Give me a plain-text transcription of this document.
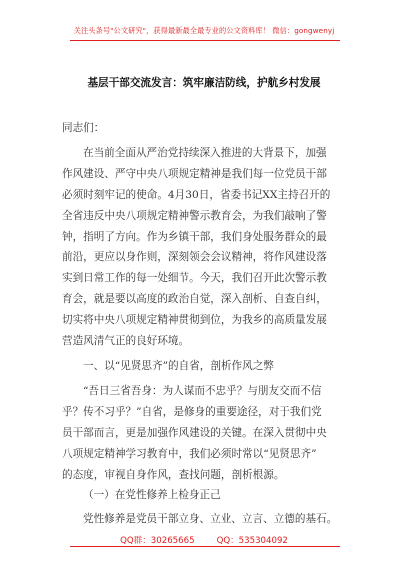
关注头条号"公文研究"，获得最新最全最专业的公文资料库！ 微信：gongwenyj
基层干部交流发言：筑牢廉洁防线，护航乡村发展
同志们：
在当前全面从严治党持续深入推进的大背景下，加强
作风建设、严守中央八项规定精神是我们每一位党员干部
必须时刻牢记的使命。4月30日，省委书记XX主持召开的
全省违反中央八项规定精神警示教育会，为我们敲响了警
钟，指明了方向。作为乡镇干部，我们身处服务群众的最
前沿，更应以身作则，深刻领会会议精神，将作风建设落
实到日常工作的每一处细节。今天，我们召开此次警示教
育会，就是要以高度的政治自觉，深入剖析、自查自纠，
切实将中央八项规定精神贯彻到位，为我乡的高质量发展
营造风清气正的良好环境。
一、以“见贤思齐”的自省，剖析作风之弊
“吾日三省吾身：为人谋而不忠乎？与朋友交而不信
乎？传不习乎？”自省，是修身的重要途径，对于我们党
员干部而言，更是加强作风建设的关键。在深入贯彻中央
八项规定精神学习教育中，我们必须时常以“见贤思齐”
的态度，审视自身作风，查找问题，剖析根源。
（一）在党性修养上检身正己
党性修养是党员干部立身、立业、立言、立德的基石。
QQ群：30265665	QQ：535304092
